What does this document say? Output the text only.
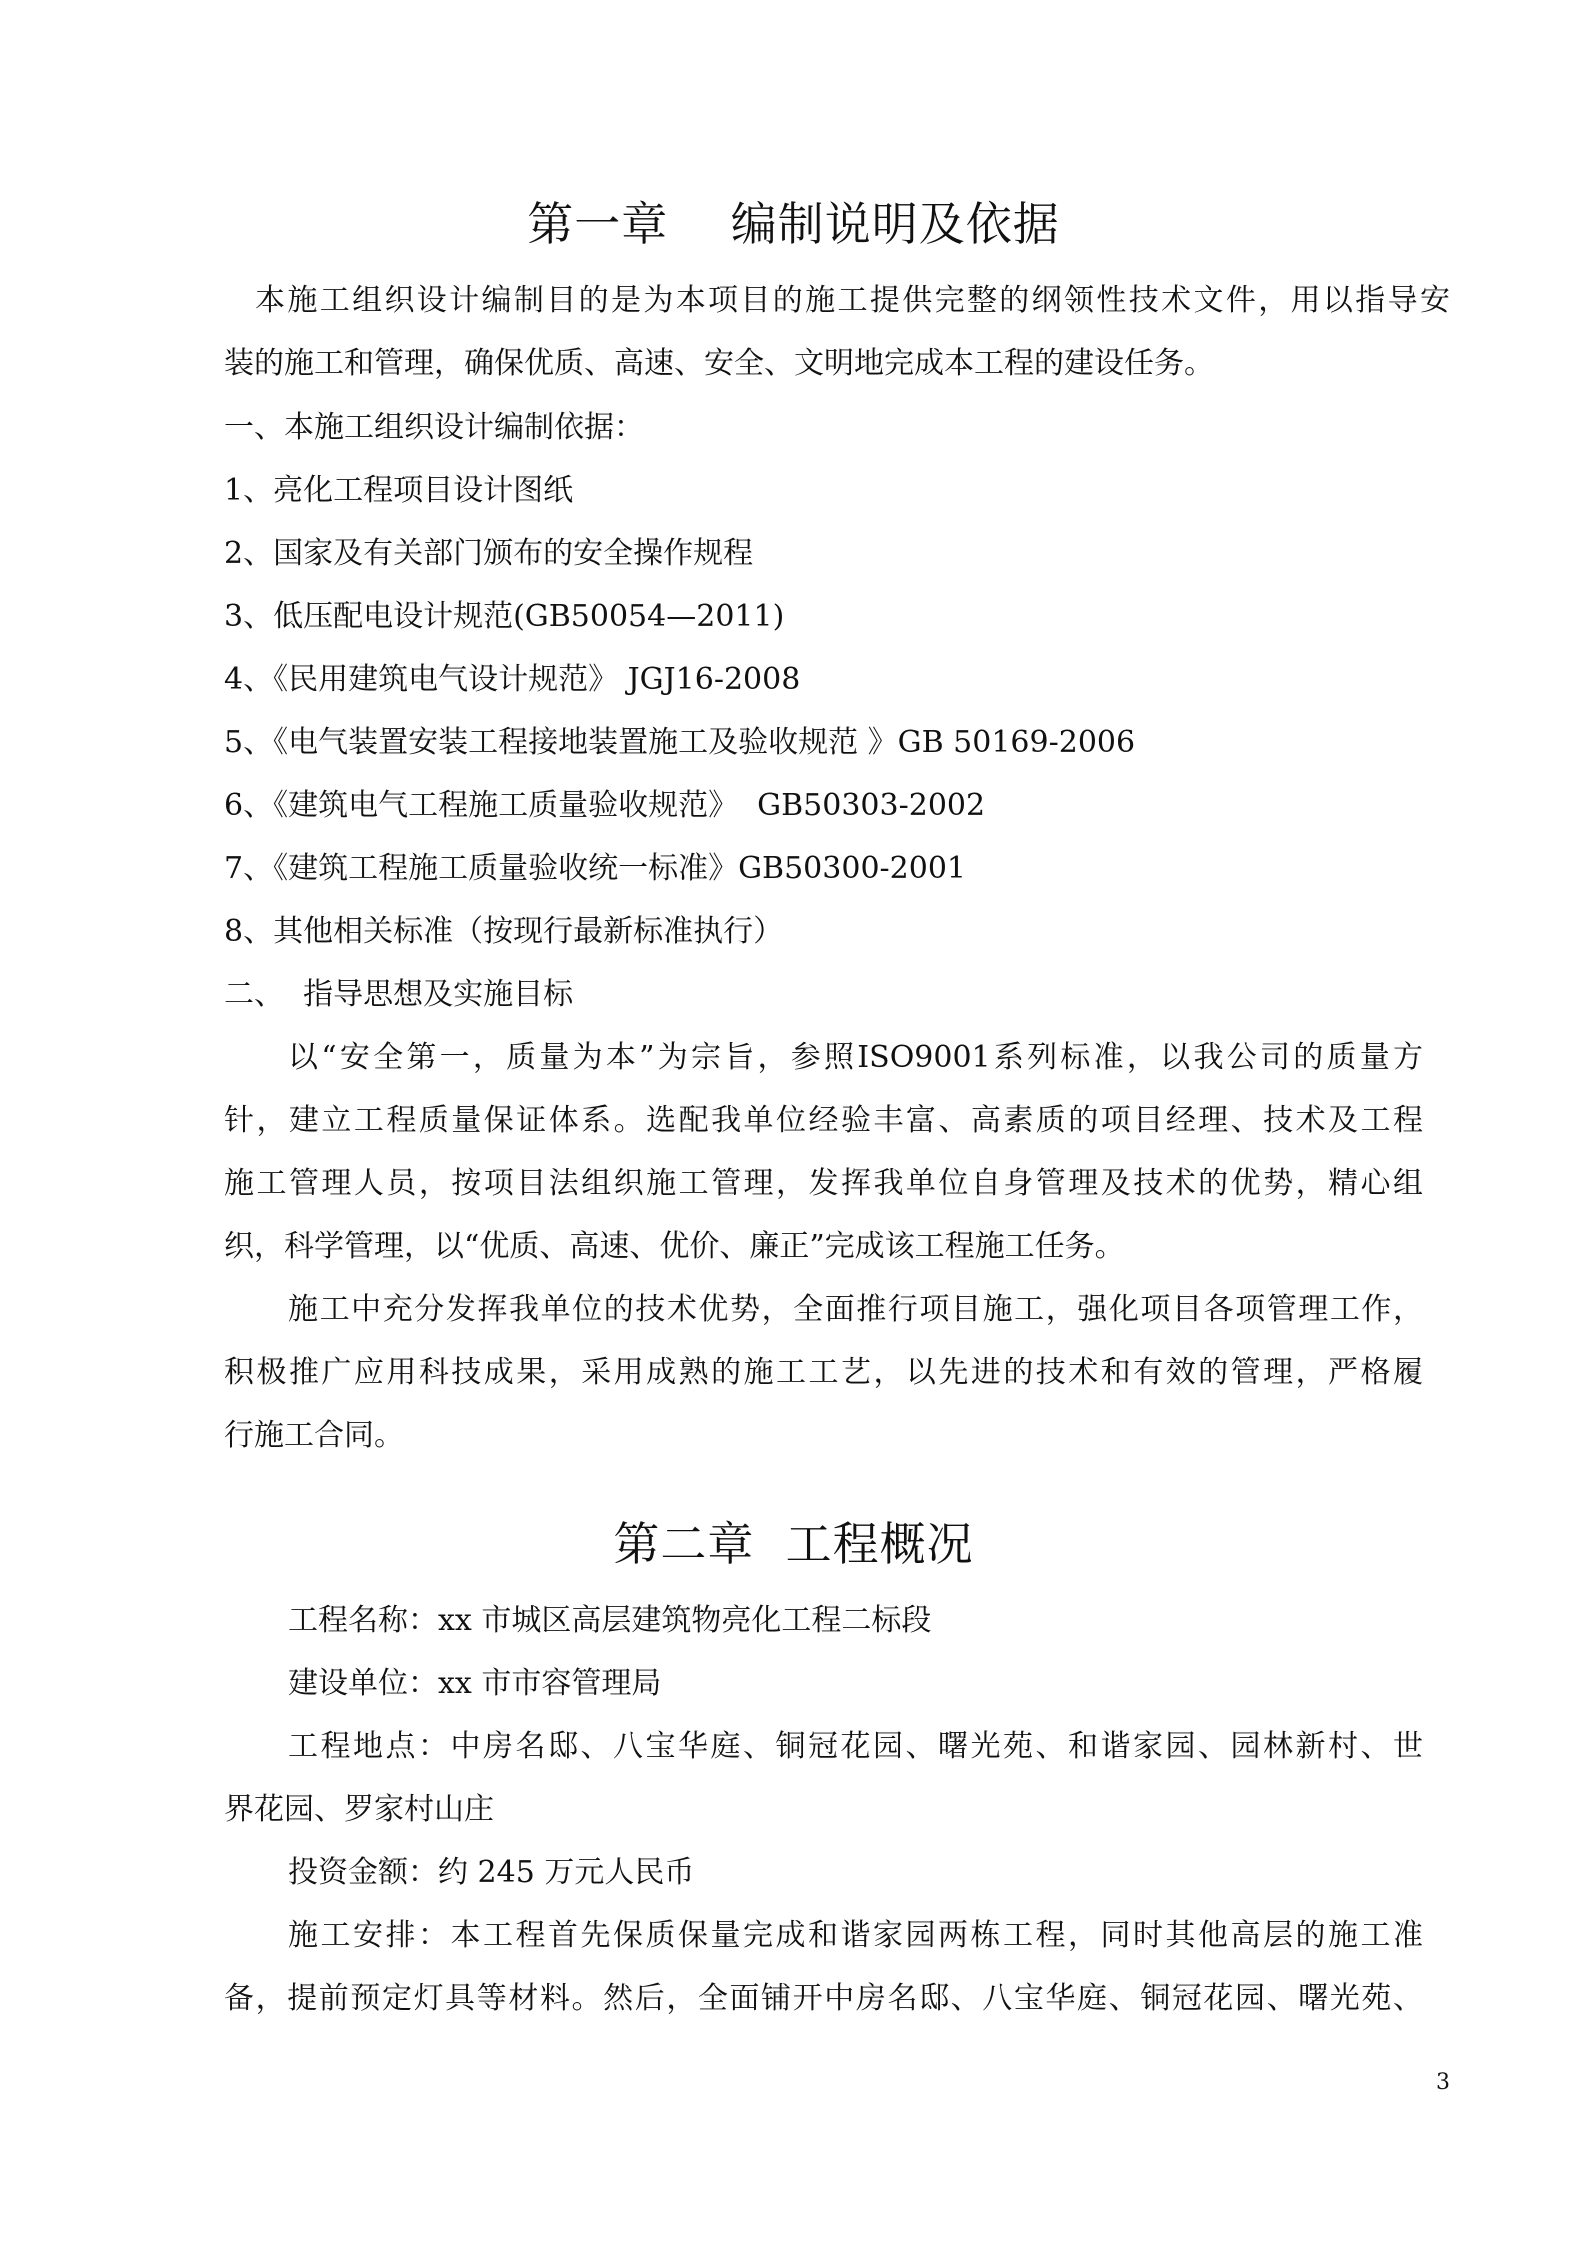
第一章    编制说明及依据
本施工组织设计编制目的是为本项目的施工提供完整的纲领性技术文件，用以指导安
装的施工和管理，确保优质、高速、安全、文明地完成本工程的建设任务。
一、本施工组织设计编制依据：
1、亮化工程项目设计图纸
2、国家及有关部门颁布的安全操作规程
3、低压配电设计规范(GB50054—2011)
4、《民用建筑电气设计规范》 JGJ16-2008
5、《电气装置安装工程接地装置施工及验收规范 》GB 50169-2006
6、《建筑电气工程施工质量验收规范》  GB50303-2002
7、《建筑工程施工质量验收统一标准》GB50300-2001
8、其他相关标准（按现行最新标准执行）
二、  指导思想及实施目标
以“安全第一，质量为本”为宗旨，参照ISO9001系列标准，以我公司的质量方
针，建立工程质量保证体系。选配我单位经验丰富、高素质的项目经理、技术及工程
施工管理人员，按项目法组织施工管理，发挥我单位自身管理及技术的优势，精心组
织，科学管理，以“优质、高速、优价、廉正”完成该工程施工任务。
施工中充分发挥我单位的技术优势，全面推行项目施工，强化项目各项管理工作，
积极推广应用科技成果，采用成熟的施工工艺，以先进的技术和有效的管理，严格履
行施工合同。
第二章  工程概况
工程名称：xx 市城区高层建筑物亮化工程二标段
建设单位：xx 市市容管理局
工程地点：中房名邸、八宝华庭、铜冠花园、曙光苑、和谐家园、园林新村、世
界花园、罗家村山庄
投资金额：约 245 万元人民币
施工安排：本工程首先保质保量完成和谐家园两栋工程，同时其他高层的施工准
备，提前预定灯具等材料。然后，全面铺开中房名邸、八宝华庭、铜冠花园、曙光苑、
3
